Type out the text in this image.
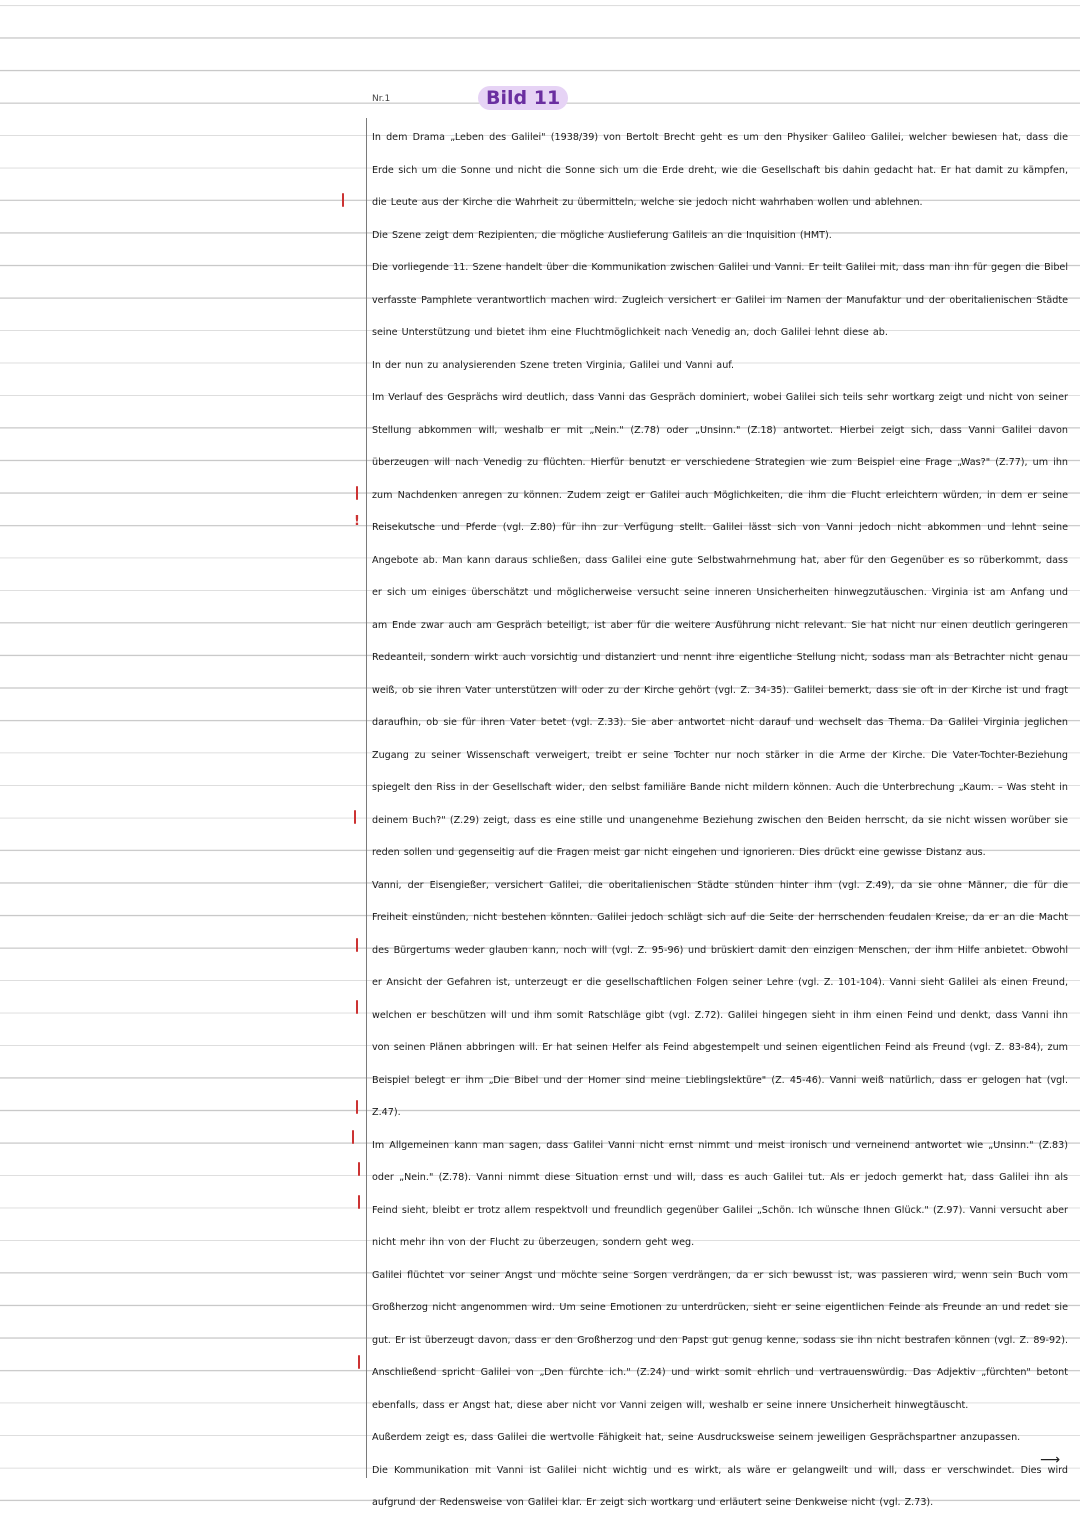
Nr.1	Bild 11

In dem Drama „Leben des Galilei" (1938/39) von Bertolt Brecht geht es um den Physiker Galileo Galilei, welcher bewiesen hat, dass die Erde sich um die Sonne und nicht die Sonne sich um die Erde dreht, wie die Gesellschaft bis dahin gedacht hat. Er hat damit zu kämpfen, die Leute aus der Kirche die Wahrheit zu übermitteln, welche sie jedoch nicht wahrhaben wollen und ablehnen.

Die Szene zeigt dem Rezipienten, die mögliche Auslieferung Galileis an die Inquisition (HMT).

Die vorliegende 11. Szene handelt über die Kommunikation zwischen Galilei und Vanni. Er teilt Galilei mit, dass man ihn für gegen die Bibel verfasste Pamphlete verantwortlich machen wird. Zugleich versichert er Galilei im Namen der Manufaktur und der oberitalienischen Städte seine Unterstützung und bietet ihm eine Fluchtmöglichkeit nach Venedig an, doch Galilei lehnt diese ab.

In der nun zu analysierenden Szene treten Virginia, Galilei und Vanni auf.

Im Verlauf des Gesprächs wird deutlich, dass Vanni das Gespräch dominiert, wobei Galilei sich teils sehr wortkarg zeigt und nicht von seiner Stellung abkommen will, weshalb er mit „Nein." (Z.78) oder „Unsinn." (Z.18) antwortet. Hierbei zeigt sich, dass Vanni Galilei davon überzeugen will nach Venedig zu flüchten. Hierfür benutzt er verschiedene Strategien wie zum Beispiel eine Frage „Was?" (Z.77), um ihn zum Nachdenken anregen zu können. Zudem zeigt er Galilei auch Möglichkeiten, die ihm die Flucht erleichtern würden, in dem er seine Reisekutsche und Pferde (vgl. Z.80) für ihn zur Verfügung stellt. Galilei lässt sich von Vanni jedoch nicht abkommen und lehnt seine Angebote ab. Man kann daraus schließen, dass Galilei eine gute Selbstwahrnehmung hat, aber für den Gegenüber es so rüberkommt, dass er sich um einiges überschätzt und möglicherweise versucht seine inneren Unsicherheiten hinwegzutäuschen. Virginia ist am Anfang und am Ende zwar auch am Gespräch beteiligt, ist aber für die weitere Ausführung nicht relevant. Sie hat nicht nur einen deutlich geringeren Redeanteil, sondern wirkt auch vorsichtig und distanziert und nennt ihre eigentliche Stellung nicht, sodass man als Betrachter nicht genau weiß, ob sie ihren Vater unterstützen will oder zu der Kirche gehört (vgl. Z. 34-35). Galilei bemerkt, dass sie oft in der Kirche ist und fragt daraufhin, ob sie für ihren Vater betet (vgl. Z.33). Sie aber antwortet nicht darauf und wechselt das Thema. Da Galilei Virginia jeglichen Zugang zu seiner Wissenschaft verweigert, treibt er seine Tochter nur noch stärker in die Arme der Kirche. Die Vater-Tochter-Beziehung spiegelt den Riss in der Gesellschaft wider, den selbst familiäre Bande nicht mildern können. Auch die Unterbrechung „Kaum. – Was steht in deinem Buch?" (Z.29) zeigt, dass es eine stille und unangenehme Beziehung zwischen den Beiden herrscht, da sie nicht wissen worüber sie reden sollen und gegenseitig auf die Fragen meist gar nicht eingehen und ignorieren. Dies drückt eine gewisse Distanz aus.

Vanni, der Eisengießer, versichert Galilei, die oberitalienischen Städte stünden hinter ihm (vgl. Z.49), da sie ohne Männer, die für die Freiheit einstünden, nicht bestehen könnten. Galilei jedoch schlägt sich auf die Seite der herrschenden feudalen Kreise, da er an die Macht des Bürgertums weder glauben kann, noch will (vgl. Z. 95-96) und brüskiert damit den einzigen Menschen, der ihm Hilfe anbietet. Obwohl er Ansicht der Gefahren ist, unterzeugt er die gesellschaftlichen Folgen seiner Lehre (vgl. Z. 101-104). Vanni sieht Galilei als einen Freund, welchen er beschützen will und ihm somit Ratschläge gibt (vgl. Z.72). Galilei hingegen sieht in ihm einen Feind und denkt, dass Vanni ihn von seinen Plänen abbringen will. Er hat seinen Helfer als Feind abgestempelt und seinen eigentlichen Feind als Freund (vgl. Z. 83-84), zum Beispiel belegt er ihm „Die Bibel und der Homer sind meine Lieblingslektüre" (Z. 45-46). Vanni weiß natürlich, dass er gelogen hat (vgl. Z.47).

Im Allgemeinen kann man sagen, dass Galilei Vanni nicht ernst nimmt und meist ironisch und verneinend antwortet wie „Unsinn." (Z.83) oder „Nein." (Z.78). Vanni nimmt diese Situation ernst und will, dass es auch Galilei tut. Als er jedoch gemerkt hat, dass Galilei ihn als Feind sieht, bleibt er trotz allem respektvoll und freundlich gegenüber Galilei „Schön. Ich wünsche Ihnen Glück." (Z.97). Vanni versucht aber nicht mehr ihn von der Flucht zu überzeugen, sondern geht weg.

Galilei flüchtet vor seiner Angst und möchte seine Sorgen verdrängen, da er sich bewusst ist, was passieren wird, wenn sein Buch vom Großherzog nicht angenommen wird. Um seine Emotionen zu unterdrücken, sieht er seine eigentlichen Feinde als Freunde an und redet sie gut. Er ist überzeugt davon, dass er den Großherzog und den Papst gut genug kenne, sodass sie ihn nicht bestrafen können (vgl. Z. 89-92). Anschließend spricht Galilei von „Den fürchte ich." (Z.24) und wirkt somit ehrlich und vertrauenswürdig. Das Adjektiv „fürchten" betont ebenfalls, dass er Angst hat, diese aber nicht vor Vanni zeigen will, weshalb er seine innere Unsicherheit hinwegtäuscht.

Außerdem zeigt es, dass Galilei die wertvolle Fähigkeit hat, seine Ausdrucksweise seinem jeweiligen Gesprächspartner anzupassen.

Die Kommunikation mit Vanni ist Galilei nicht wichtig und es wirkt, als wäre er gelangweilt und will, dass er verschwindet. Dies wird aufgrund der Redensweise von Galilei klar. Er zeigt sich wortkarg und erläutert seine Denkweise nicht (vgl. Z.73).

!
⟶
